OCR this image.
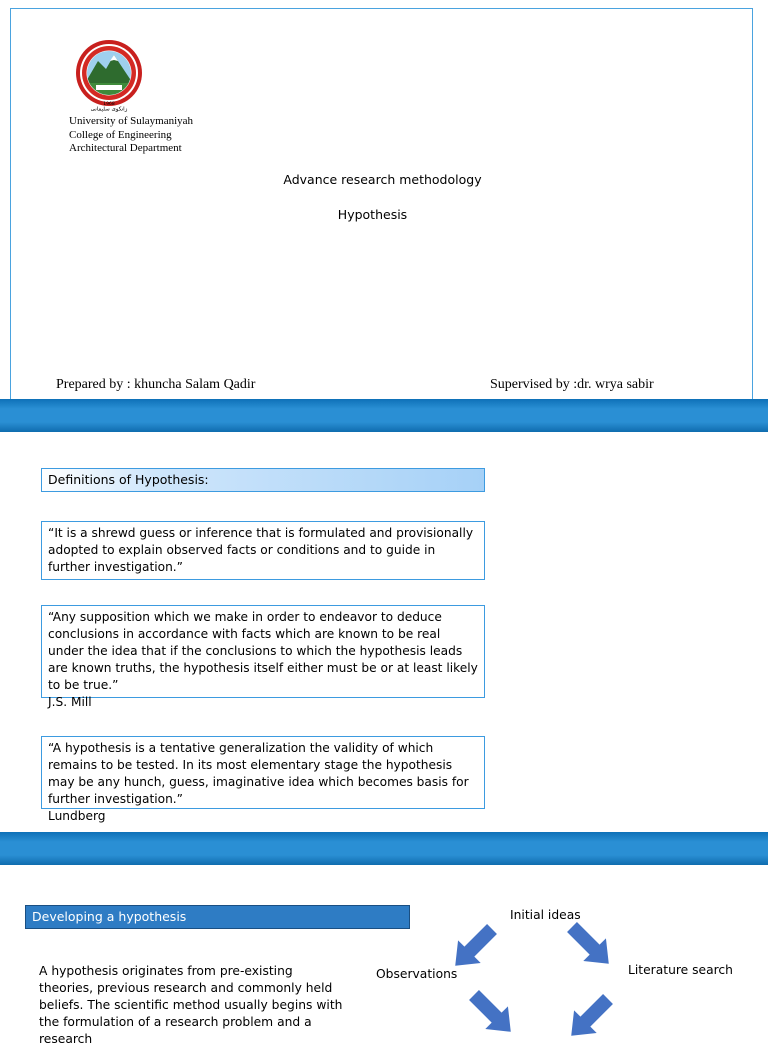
1968
زانكوى سليمانى
University of Sulaymaniyah
College of Engineering
Architectural Department
Advance research methodology
Hypothesis
Prepared by : khuncha Salam Qadir	Supervised by :dr. wrya sabir
Definitions of Hypothesis:
“It is a shrewd guess or inference that is formulated and provisionally adopted to explain observed facts or conditions and to guide in further investigation.”
“Any supposition which we make in order to endeavor to deduce conclusions in accordance with facts which are known to be real under the idea that if the conclusions to which the hypothesis leads are known truths, the hypothesis itself either must be or at least likely to be true.”
J.S. Mill
“A hypothesis is a tentative generalization the validity of which remains to be tested. In its most elementary stage the hypothesis may be any hunch, guess, imaginative idea which becomes basis for further investigation.”
Lundberg
Developing a hypothesis
A hypothesis originates from pre-existing theories, previous research and commonly held beliefs. The scientific method usually begins with the formulation of a research problem and a research
Initial ideas
Observations	Literature search
